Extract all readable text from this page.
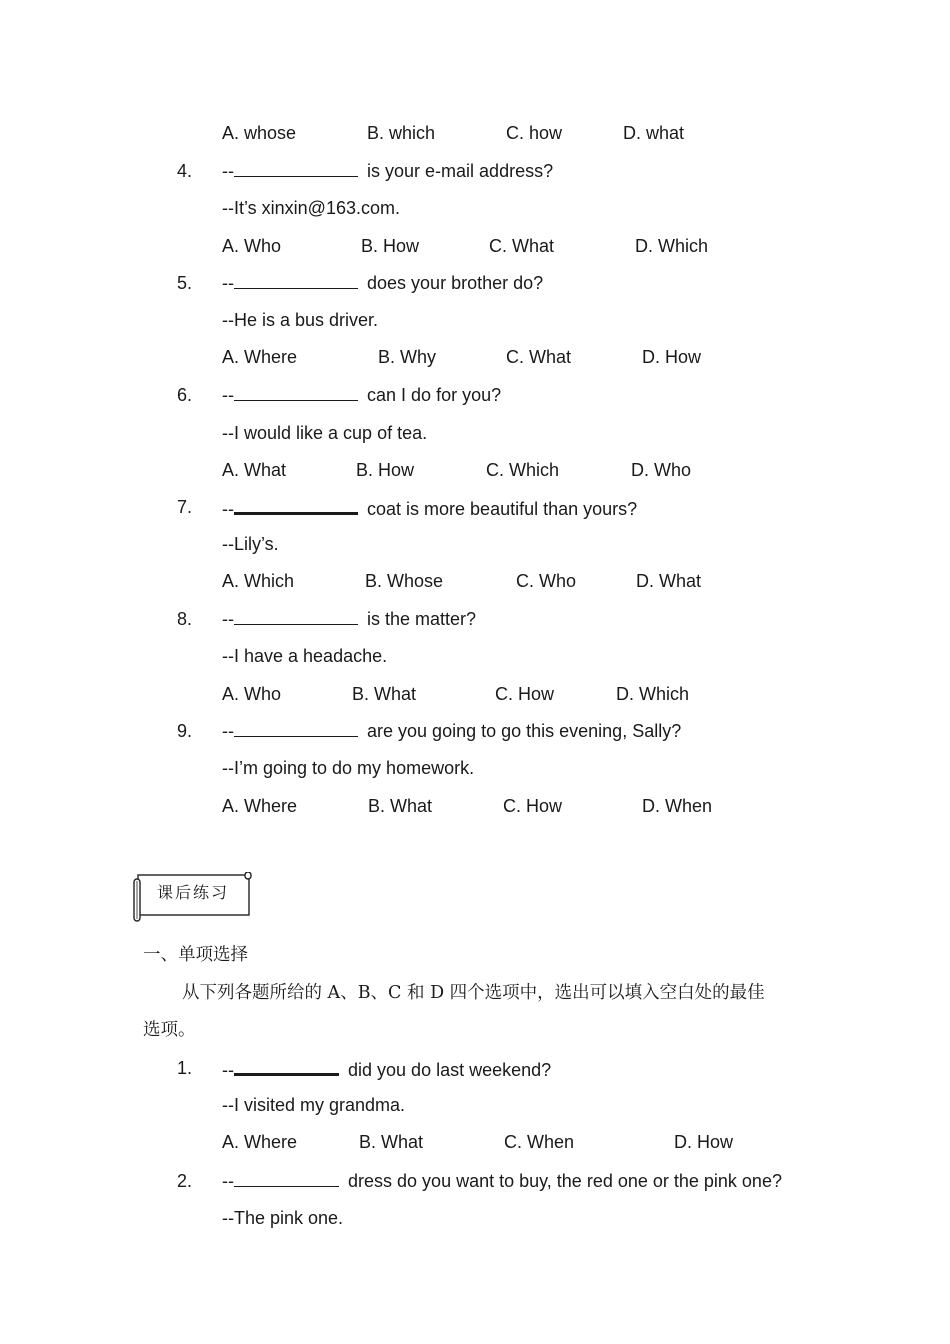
A. whose	B. which	C. how	D. what
4. --	is your e-mail address?
--It’s xinxin@163.com.
A. Who	B. How	C. What	D. Which
5. --	does your brother do?
--He is a bus driver.
A. Where	B. Why	C. What	D. How
6. --	can I do for you?
--I would like a cup of tea.
A. What	B. How	C. Which	D. Who
7. --	coat is more beautiful than yours?
--Lily’s.
A. Which	B. Whose	C. Who	D. What
8. --	is the matter?
--I have a headache.
A. Who	B. What	C. How	D. Which
9. --	are you going to go this evening, Sally?
--I’m going to do my homework.
A. Where	B. What	C. How	D. When
课后练习
一、单项选择
从下列各题所给的 A、B、C 和 D 四个选项中，选出可以填入空白处的最佳
选项。
1. --	did you do last weekend?
--I visited my grandma.
A. Where	B. What	C. When	D. How
2. --	dress do you want to buy, the red one or the pink one?
--The pink one.
